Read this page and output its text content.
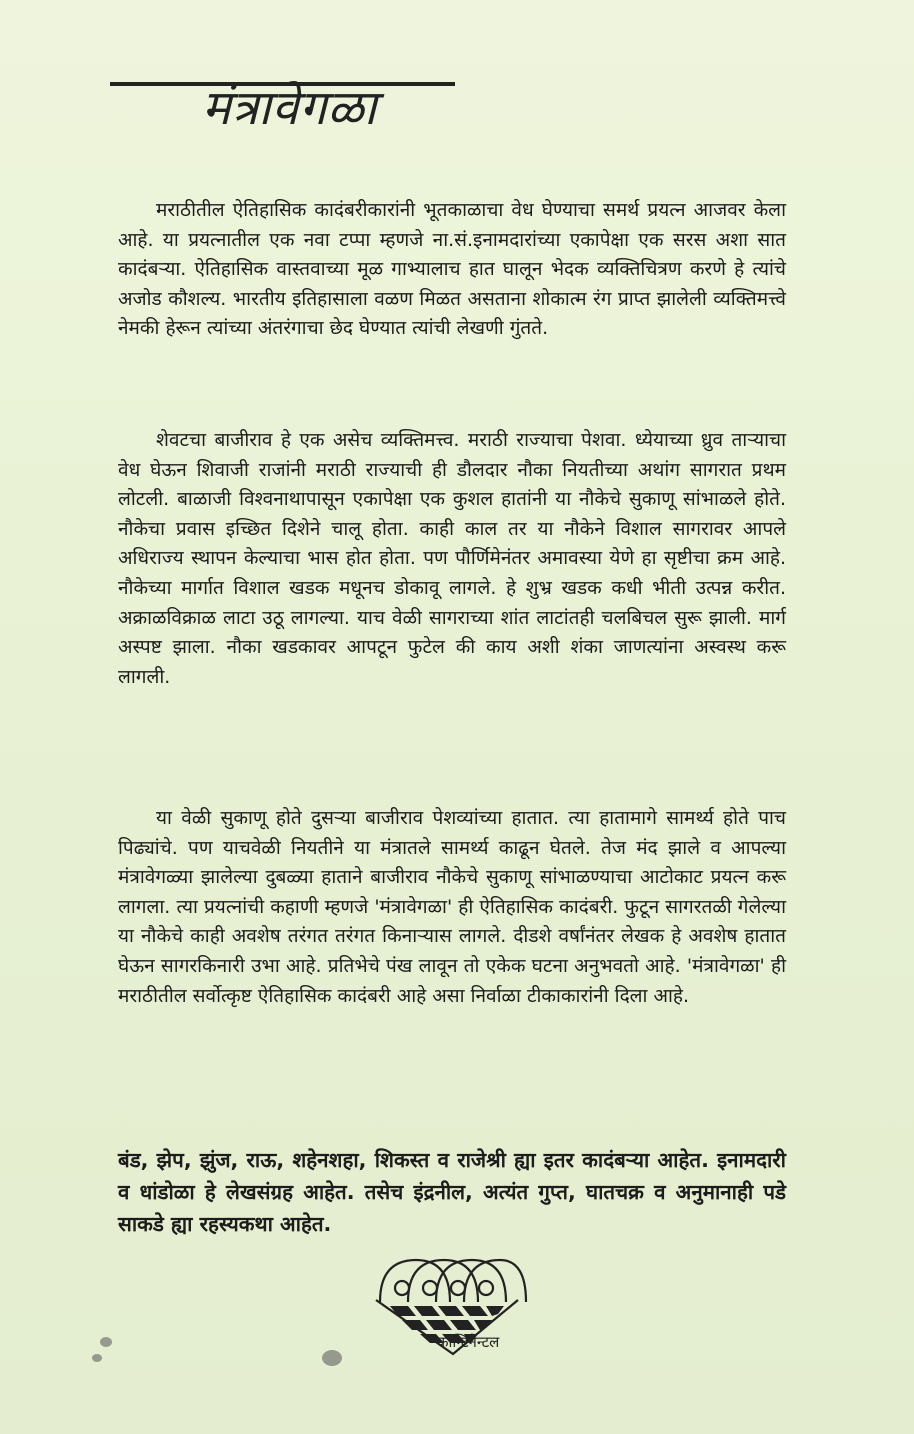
मंत्रावेगळा

मराठीतील ऐतिहासिक कादंबरीकारांनी भूतकाळाचा वेध घेण्याचा समर्थ प्रयत्न आजवर केला आहे. या प्रयत्नातील एक नवा टप्पा म्हणजे ना.सं.इनामदारांच्या एकापेक्षा एक सरस अशा सात कादंबऱ्या. ऐतिहासिक वास्तवाच्या मूळ गाभ्यालाच हात घालून भेदक व्यक्तिचित्रण करणे हे त्यांचे अजोड कौशल्य. भारतीय इतिहासाला वळण मिळत असताना शोकात्म रंग प्राप्त झालेली व्यक्तिमत्त्वे नेमकी हेरून त्यांच्या अंतरंगाचा छेद घेण्यात त्यांची लेखणी गुंतते.

शेवटचा बाजीराव हे एक असेच व्यक्तिमत्त्व. मराठी राज्याचा पेशवा. ध्येयाच्या ध्रुव ताऱ्याचा वेध घेऊन शिवाजी राजांनी मराठी राज्याची ही डौलदार नौका नियतीच्या अथांग सागरात प्रथम लोटली. बाळाजी विश्वनाथापासून एकापेक्षा एक कुशल हातांनी या नौकेचे सुकाणू सांभाळले होते. नौकेचा प्रवास इच्छित दिशेने चालू होता. काही काल तर या नौकेने विशाल सागरावर आपले अधिराज्य स्थापन केल्याचा भास होत होता. पण पौर्णिमेनंतर अमावस्या येणे हा सृष्टीचा क्रम आहे. नौकेच्या मार्गात विशाल खडक मधूनच डोकावू लागले. हे शुभ्र खडक कधी भीती उत्पन्न करीत. अक्राळविक्राळ लाटा उठू लागल्या. याच वेळी सागराच्या शांत लाटांतही चलबिचल सुरू झाली. मार्ग अस्पष्ट झाला. नौका खडकावर आपटून फुटेल की काय अशी शंका जाणत्यांना अस्वस्थ करू लागली.

या वेळी सुकाणू होते दुसऱ्या बाजीराव पेशव्यांच्या हातात. त्या हातामागे सामर्थ्य होते पाच पिढ्यांचे. पण याचवेळी नियतीने या मंत्रातले सामर्थ्य काढून घेतले. तेज मंद झाले व आपल्या मंत्रावेगळ्या झालेल्या दुबळ्या हाताने बाजीराव नौकेचे सुकाणू सांभाळण्याचा आटोकाट प्रयत्न करू लागला. त्या प्रयत्नांची कहाणी म्हणजे 'मंत्रावेगळा' ही ऐतिहासिक कादंबरी. फुटून सागरतळी गेलेल्या या नौकेचे काही अवशेष तरंगत तरंगत किनाऱ्यास लागले. दीडशे वर्षांनंतर लेखक हे अवशेष हातात घेऊन सागरकिनारी उभा आहे. प्रतिभेचे पंख लावून तो एकेक घटना अनुभवतो आहे. 'मंत्रावेगळा' ही मराठीतील सर्वोत्कृष्ट ऐतिहासिक कादंबरी आहे असा निर्वाळा टीकाकारांनी दिला आहे.

बंड, झेप, झुंज, राऊ, शहेनशहा, शिकस्त व राजेश्री ह्या इतर कादंबऱ्या आहेत. इनामदारी व धांडोळा हे लेखसंग्रह आहेत. तसेच इंद्रनील, अत्यंत गुप्त, घातचक्र व अनुमानाही पडे साकडे ह्या रहस्यकथा आहेत.

कॉन्टिनेन्टल
